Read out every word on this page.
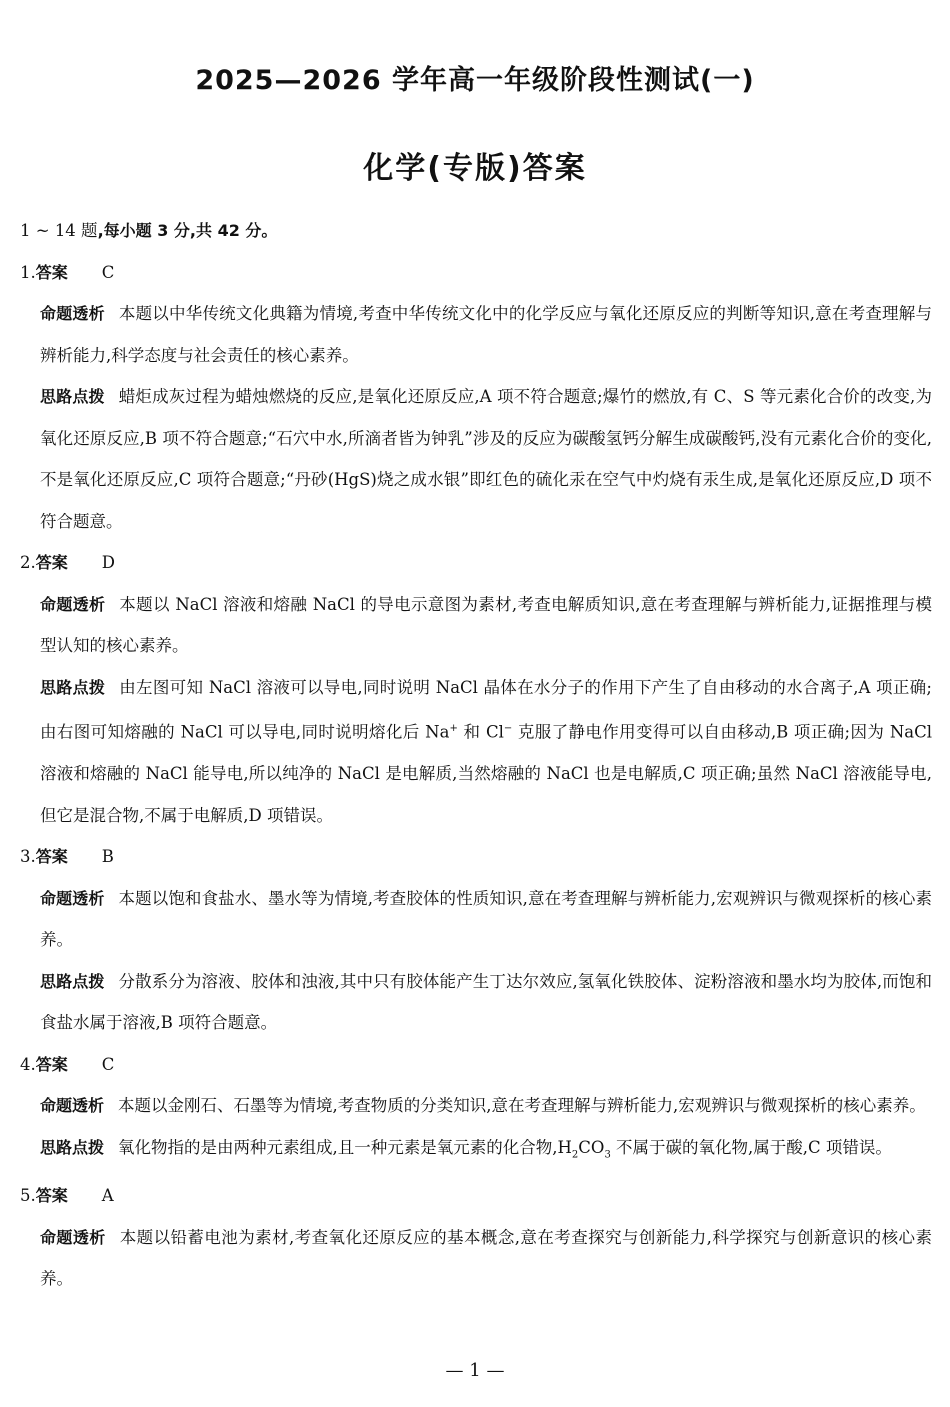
2025—2026 学年高一年级阶段性测试(一)
化学(专版)答案

1 ~ 14 题,每小题 3 分,共 42 分。

1.答案 C

命题透析 本题以中华传统文化典籍为情境,考查中华传统文化中的化学反应与氧化还原反应的判断等知识,意在考查理解与辨析能力,科学态度与社会责任的核心素养。

思路点拨 蜡炬成灰过程为蜡烛燃烧的反应,是氧化还原反应,A 项不符合题意;爆竹的燃放,有 C、S 等元素化合价的改变,为氧化还原反应,B 项不符合题意;“石穴中水,所滴者皆为钟乳”涉及的反应为碳酸氢钙分解生成碳酸钙,没有元素化合价的变化,不是氧化还原反应,C 项符合题意;“丹砂(HgS)烧之成水银”即红色的硫化汞在空气中灼烧有汞生成,是氧化还原反应,D 项不符合题意。

2.答案 D

命题透析 本题以 NaCl 溶液和熔融 NaCl 的导电示意图为素材,考查电解质知识,意在考查理解与辨析能力,证据推理与模型认知的核心素养。

思路点拨 由左图可知 NaCl 溶液可以导电,同时说明 NaCl 晶体在水分子的作用下产生了自由移动的水合离子,A 项正确;由右图可知熔融的 NaCl 可以导电,同时说明熔化后 Na+ 和 Cl− 克服了静电作用变得可以自由移动,B 项正确;因为 NaCl 溶液和熔融的 NaCl 能导电,所以纯净的 NaCl 是电解质,当然熔融的 NaCl 也是电解质,C 项正确;虽然 NaCl 溶液能导电,但它是混合物,不属于电解质,D 项错误。

3.答案 B

命题透析 本题以饱和食盐水、墨水等为情境,考查胶体的性质知识,意在考查理解与辨析能力,宏观辨识与微观探析的核心素养。

思路点拨 分散系分为溶液、胶体和浊液,其中只有胶体能产生丁达尔效应,氢氧化铁胶体、淀粉溶液和墨水均为胶体,而饱和食盐水属于溶液,B 项符合题意。

4.答案 C

命题透析 本题以金刚石、石墨等为情境,考查物质的分类知识,意在考查理解与辨析能力,宏观辨识与微观探析的核心素养。

思路点拨 氧化物指的是由两种元素组成,且一种元素是氧元素的化合物$,H_2CO_3$ 不属于碳的氧化物,属于酸,C 项错误。

5.答案 A

命题透析 本题以铅蓄电池为素材,考查氧化还原反应的基本概念,意在考查探究与创新能力,科学探究与创新意识的核心素养。

— 1 —
